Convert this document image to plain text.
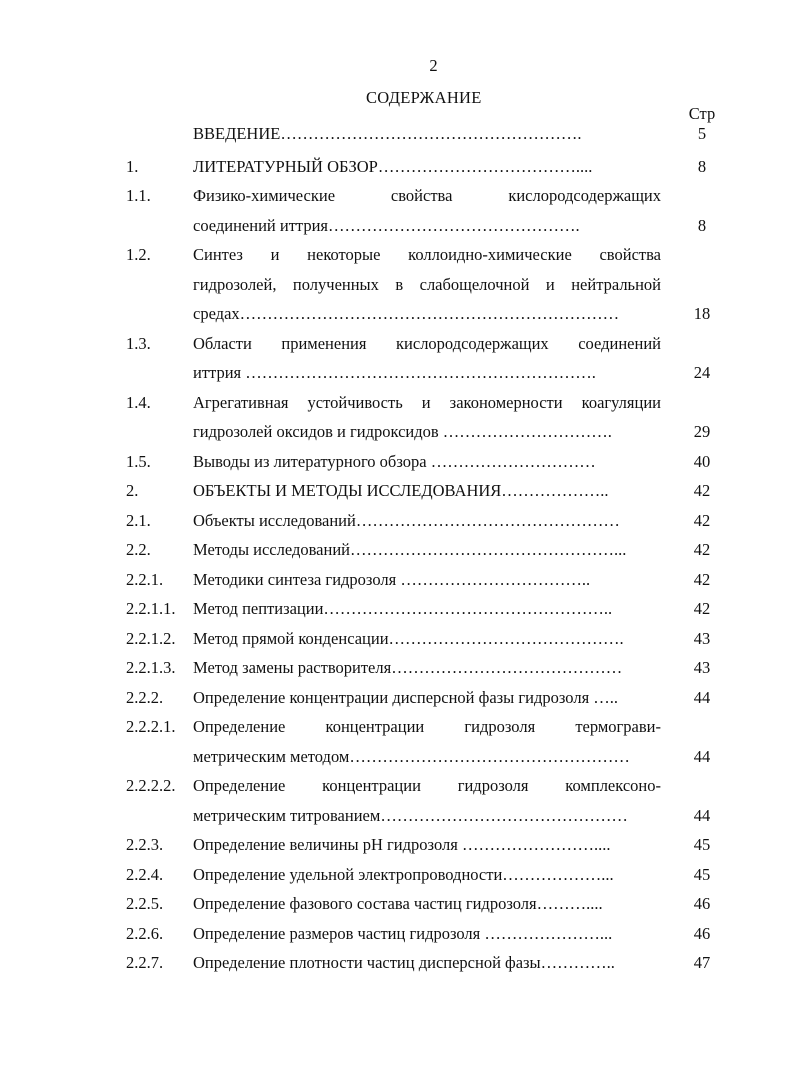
2
СОДЕРЖАНИЕ
Стр
ВВЕДЕНИЕ……………………………………………….	5
1.	ЛИТЕРАТУРНЫЙ ОБЗОР………………………………....	8
1.1.	Физико-химические свойства кислородсодержащих
соединений иттрия……………………………………….	8
1.2.	Синтез и некоторые коллоидно-химические свойства
гидрозолей, полученных в слабощелочной и нейтральной
средах……………………………………………………………	18
1.3.	Области применения кислородсодержащих соединений
иттрия ……………………………………………………….	24
1.4.	Агрегативная устойчивость и закономерности коагуляции
гидрозолей оксидов и гидроксидов ………………………….	29
1.5.	Выводы из литературного обзора …………………………	40
2.	ОБЪЕКТЫ И МЕТОДЫ ИССЛЕДОВАНИЯ………………..	42
2.1.	Объекты исследований…………………………………………	42
2.2.	Методы исследований…………………………………………...	42
2.2.1. Методики синтеза гидрозоля ……………………………..	42
2.2.1.1. Метод пептизации……………………………………………..	42
2.2.1.2. Метод прямой конденсации…………………………………….	43
2.2.1.3. Метод замены растворителя……………………………………	43
2.2.2. Определение концентрации дисперсной фазы гидрозоля …..	44
2.2.2.1. Определение концентрации гидрозоля термограви-
метрическим методом……………………………………………	44
2.2.2.2. Определение концентрации гидрозоля комплексоно-
метрическим титрованием………………………………………	44
2.2.3. Определение величины pH гидрозоля ……………………....	45
2.2.4. Определение удельной электропроводности………………...	45
2.2.5. Определение фазового состава частиц гидрозоля………....	46
2.2.6. Определение размеров частиц гидрозоля …………………...	46
2.2.7. Определение плотности частиц дисперсной фазы…………..	47
